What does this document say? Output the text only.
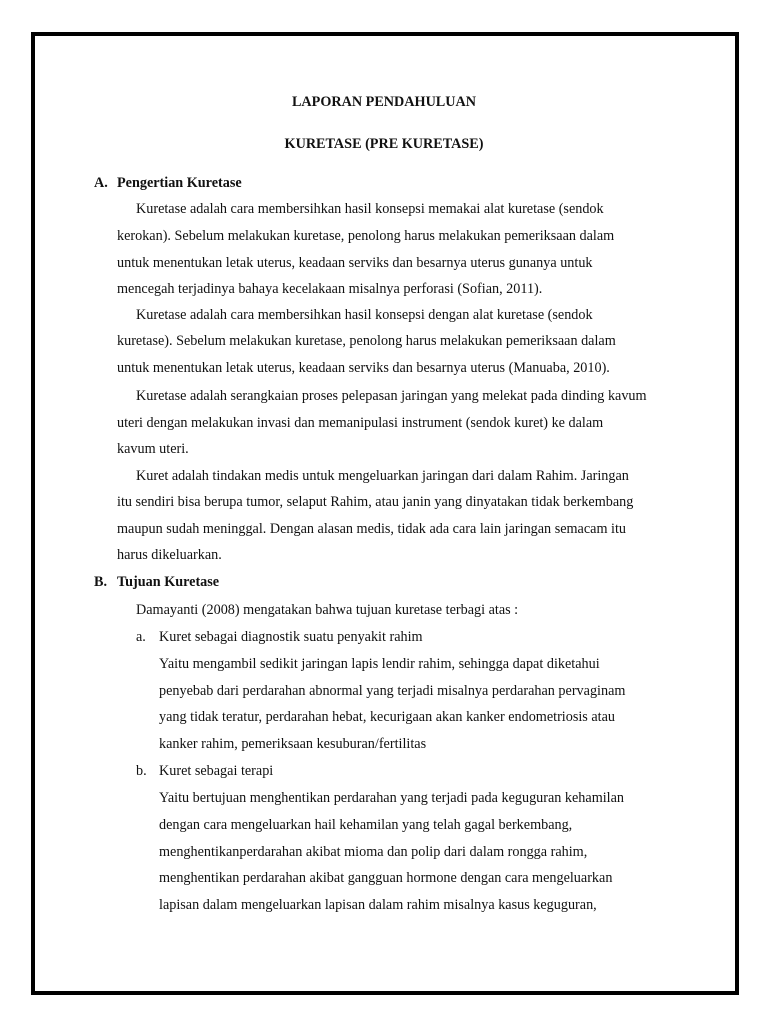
LAPORAN PENDAHULUAN
KURETASE (PRE KURETASE)
A. Pengertian Kuretase
Kuretase adalah cara membersihkan hasil konsepsi memakai alat kuretase (sendok
kerokan). Sebelum melakukan kuretase, penolong harus melakukan pemeriksaan dalam
untuk menentukan letak uterus, keadaan serviks dan besarnya uterus gunanya untuk
mencegah terjadinya bahaya kecelakaan misalnya perforasi (Sofian, 2011).
Kuretase adalah cara membersihkan hasil konsepsi dengan alat kuretase (sendok
kuretase). Sebelum melakukan kuretase, penolong harus melakukan pemeriksaan dalam
untuk menentukan letak uterus, keadaan serviks dan besarnya uterus (Manuaba, 2010).
Kuretase adalah serangkaian proses pelepasan jaringan yang melekat pada dinding kavum
uteri dengan melakukan invasi dan memanipulasi instrument (sendok kuret) ke dalam
kavum uteri.
Kuret adalah tindakan medis untuk mengeluarkan jaringan dari dalam Rahim. Jaringan
itu sendiri bisa berupa tumor, selaput Rahim, atau janin yang dinyatakan tidak berkembang
maupun sudah meninggal. Dengan alasan medis, tidak ada cara lain jaringan semacam itu
harus dikeluarkan.
B. Tujuan Kuretase
Damayanti (2008) mengatakan bahwa tujuan kuretase terbagi atas :
a. Kuret sebagai diagnostik suatu penyakit rahim
Yaitu mengambil sedikit jaringan lapis lendir rahim, sehingga dapat diketahui
penyebab dari perdarahan abnormal yang terjadi misalnya perdarahan pervaginam
yang tidak teratur, perdarahan hebat, kecurigaan akan kanker endometriosis atau
kanker rahim, pemeriksaan kesuburan/fertilitas
b. Kuret sebagai terapi
Yaitu bertujuan menghentikan perdarahan yang terjadi pada keguguran kehamilan
dengan cara mengeluarkan hail kehamilan yang telah gagal berkembang,
menghentikanperdarahan akibat mioma dan polip dari dalam rongga rahim,
menghentikan perdarahan akibat gangguan hormone dengan cara mengeluarkan
lapisan dalam mengeluarkan lapisan dalam rahim misalnya kasus keguguran,
